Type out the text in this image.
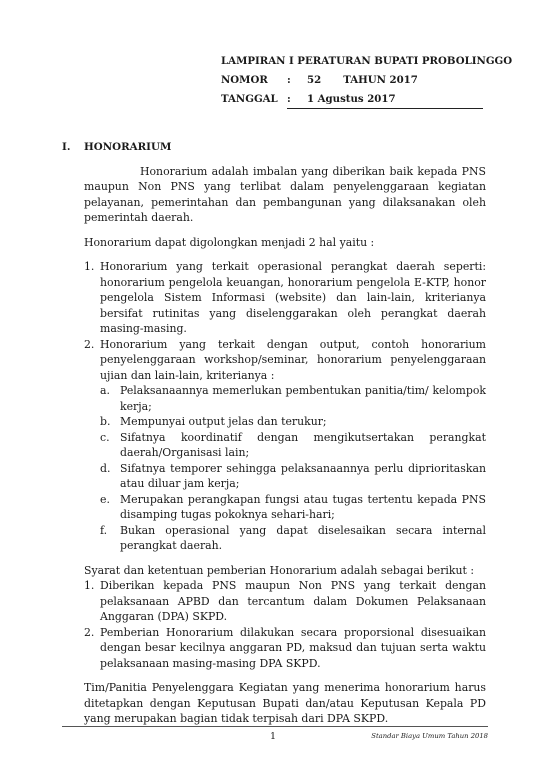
LAMPIRAN I PERATURAN BUPATI PROBOLINGGO
NOMOR	:	52 TAHUN 2017
TANGGAL :	1 Agustus 2017
I.	HONORARIUM
Honorarium adalah imbalan yang diberikan baik kepada PNS maupun Non PNS yang terlibat dalam penyelenggaraan kegiatan pelayanan, pemerintahan dan pembangunan yang dilaksanakan oleh pemerintah daerah.
Honorarium dapat digolongkan menjadi 2 hal yaitu :
1. Honorarium yang terkait operasional perangkat daerah seperti: honorarium pengelola keuangan, honorarium pengelola E-KTP, honor pengelola Sistem Informasi (website) dan lain-lain, kriterianya bersifat rutinitas yang diselenggarakan oleh perangkat daerah masing-masing.
2. Honorarium yang terkait dengan output, contoh honorarium penyelenggaraan workshop/seminar, honorarium penyelenggaraan ujian dan lain-lain, kriterianya :
a. Pelaksanaannya memerlukan pembentukan panitia/tim/ kelompok kerja;
b. Mempunyai output jelas dan terukur;
c. Sifatnya koordinatif dengan mengikutsertakan perangkat daerah/Organisasi lain;
d. Sifatnya temporer sehingga pelaksanaannya perlu diprioritaskan atau diluar jam kerja;
e. Merupakan perangkapan fungsi atau tugas tertentu kepada PNS disamping tugas pokoknya sehari-hari;
f.	Bukan operasional yang dapat diselesaikan secara internal perangkat daerah.
Syarat dan ketentuan pemberian Honorarium adalah sebagai berikut :
1. Diberikan kepada PNS maupun Non PNS yang terkait dengan pelaksanaan APBD dan tercantum dalam Dokumen Pelaksanaan Anggaran (DPA) SKPD.
2. Pemberian Honorarium dilakukan secara proporsional disesuaikan dengan besar kecilnya anggaran PD, maksud dan tujuan serta waktu pelaksanaan masing-masing DPA SKPD.
Tim/Panitia Penyelenggara Kegiatan yang menerima honorarium harus ditetapkan dengan Keputusan Bupati dan/atau Keputusan Kepala PD yang merupakan bagian tidak terpisah dari DPA SKPD.
1	Standar Biaya Umum Tahun 2018
